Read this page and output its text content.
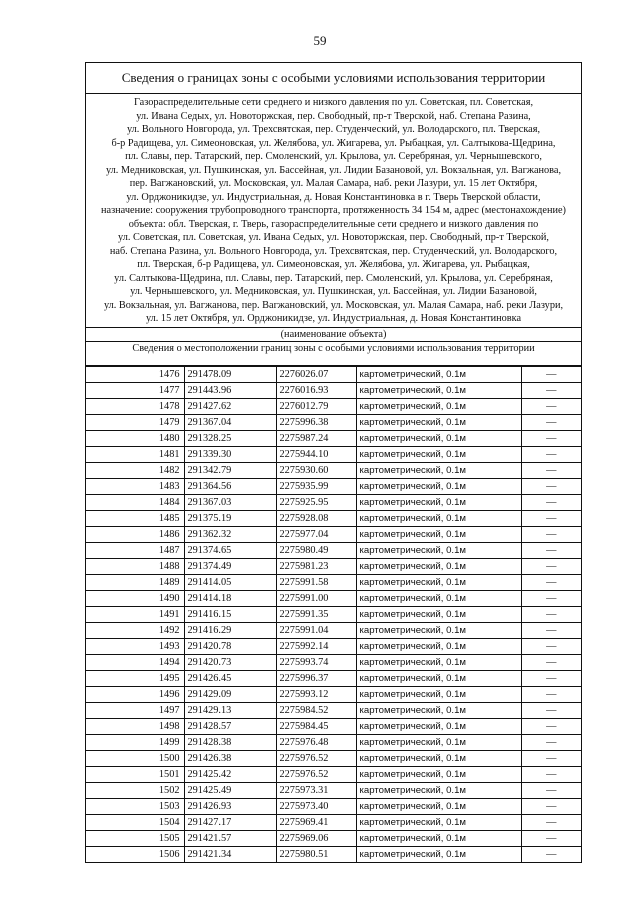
59
Сведения о границах зоны с особыми условиями использования территории
Газораспределительные сети среднего и низкого давления по ул. Советская, пл. Советская,
ул. Ивана Седых, ул. Новоторжская, пер. Свободный, пр-т Тверской, наб. Степана Разина,
ул. Вольного Новгорода, ул. Трехсвятская, пер. Студенческий, ул. Володарского, пл. Тверская,
б-р Радищева, ул. Симеоновская, ул. Желябова, ул. Жигарева, ул. Рыбацкая, ул. Салтыкова-Щедрина,
пл. Славы, пер. Татарский, пер. Смоленский, ул. Крылова, ул. Серебряная, ул. Чернышевского,
ул. Медниковская, ул. Пушкинская, ул. Бассейная, ул. Лидии Базановой, ул. Вокзальная, ул. Вагжанова,
пер. Вагжановский, ул. Московская, ул. Малая Самара, наб. реки Лазури, ул. 15 лет Октября,
ул. Орджоникидзе, ул. Индустриальная, д. Новая Константиновка в г. Тверь Тверской области,
назначение: сооружения трубопроводного транспорта, протяженность 34 154 м, адрес (местонахождение)
объекта: обл. Тверская, г. Тверь, газораспределительные сети среднего и низкого давления по
ул. Советская, пл. Советская, ул. Ивана Седых, ул. Новоторжская, пер. Свободный, пр-т Тверской,
наб. Степана Разина, ул. Вольного Новгорода, ул. Трехсвятская, пер. Студенческий, ул. Володарского,
пл. Тверская, б-р Радищева, ул. Симеоновская, ул. Желябова, ул. Жигарева, ул. Рыбацкая,
ул. Салтыкова-Щедрина, пл. Славы, пер. Татарский, пер. Смоленский, ул. Крылова, ул. Серебряная,
ул. Чернышевского, ул. Медниковская, ул. Пушкинская, ул. Бассейная, ул. Лидии Базановой,
ул. Вокзальная, ул. Вагжанова, пер. Вагжановский, ул. Московская, ул. Малая Самара, наб. реки Лазури,
ул. 15 лет Октября, ул. Орджоникидзе, ул. Индустриальная, д. Новая Константиновка
(наименование объекта)
Сведения о местоположении границ зоны с особыми условиями использования территории
1476	291478.09	2276026.07	картометрический, 0.1м	—
1477	291443.96	2276016.93	картометрический, 0.1м	—
1478	291427.62	2276012.79	картометрический, 0.1м	—
1479	291367.04	2275996.38	картометрический, 0.1м	—
1480	291328.25	2275987.24	картометрический, 0.1м	—
1481	291339.30	2275944.10	картометрический, 0.1м	—
1482	291342.79	2275930.60	картометрический, 0.1м	—
1483	291364.56	2275935.99	картометрический, 0.1м	—
1484	291367.03	2275925.95	картометрический, 0.1м	—
1485	291375.19	2275928.08	картометрический, 0.1м	—
1486	291362.32	2275977.04	картометрический, 0.1м	—
1487	291374.65	2275980.49	картометрический, 0.1м	—
1488	291374.49	2275981.23	картометрический, 0.1м	—
1489	291414.05	2275991.58	картометрический, 0.1м	—
1490	291414.18	2275991.00	картометрический, 0.1м	—
1491	291416.15	2275991.35	картометрический, 0.1м	—
1492	291416.29	2275991.04	картометрический, 0.1м	—
1493	291420.78	2275992.14	картометрический, 0.1м	—
1494	291420.73	2275993.74	картометрический, 0.1м	—
1495	291426.45	2275996.37	картометрический, 0.1м	—
1496	291429.09	2275993.12	картометрический, 0.1м	—
1497	291429.13	2275984.52	картометрический, 0.1м	—
1498	291428.57	2275984.45	картометрический, 0.1м	—
1499	291428.38	2275976.48	картометрический, 0.1м	—
1500	291426.38	2275976.52	картометрический, 0.1м	—
1501	291425.42	2275976.52	картометрический, 0.1м	—
1502	291425.49	2275973.31	картометрический, 0.1м	—
1503	291426.93	2275973.40	картометрический, 0.1м	—
1504	291427.17	2275969.41	картометрический, 0.1м	—
1505	291421.57	2275969.06	картометрический, 0.1м	—
1506	291421.34	2275980.51	картометрический, 0.1м	—
